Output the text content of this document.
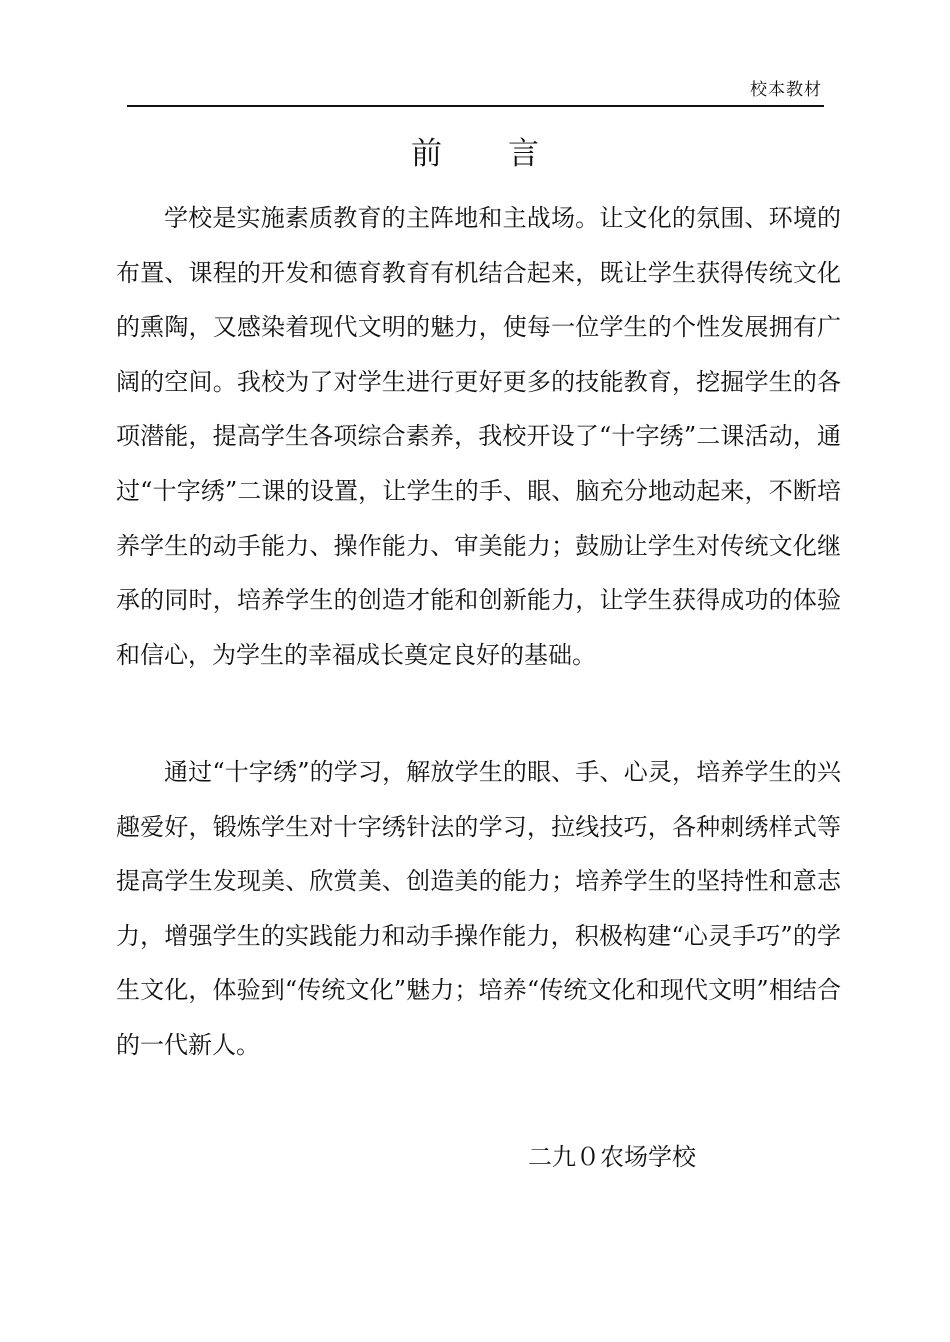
校本教材
前 言

学校是实施素质教育的主阵地和主战场。让文化的氛围、环境的布置、课程的开发和德育教育有机结合起来，既让学生获得传统文化的熏陶，又感染着现代文明的魅力，使每一位学生的个性发展拥有广阔的空间。我校为了对学生进行更好更多的技能教育，挖掘学生的各项潜能，提高学生各项综合素养，我校开设了“十字绣”二课活动，通过“十字绣”二课的设置，让学生的手、眼、脑充分地动起来，不断培养学生的动手能力、操作能力、审美能力；鼓励让学生对传统文化继承的同时，培养学生的创造才能和创新能力，让学生获得成功的体验和信心，为学生的幸福成长奠定良好的基础。

通过“十字绣”的学习，解放学生的眼、手、心灵，培养学生的兴趣爱好，锻炼学生对十字绣针法的学习，拉线技巧，各种刺绣样式等提高学生发现美、欣赏美、创造美的能力；培养学生的坚持性和意志力，增强学生的实践能力和动手操作能力，积极构建“心灵手巧”的学生文化，体验到“传统文化”魅力；培养“传统文化和现代文明”相结合的一代新人。

二九０农场学校
